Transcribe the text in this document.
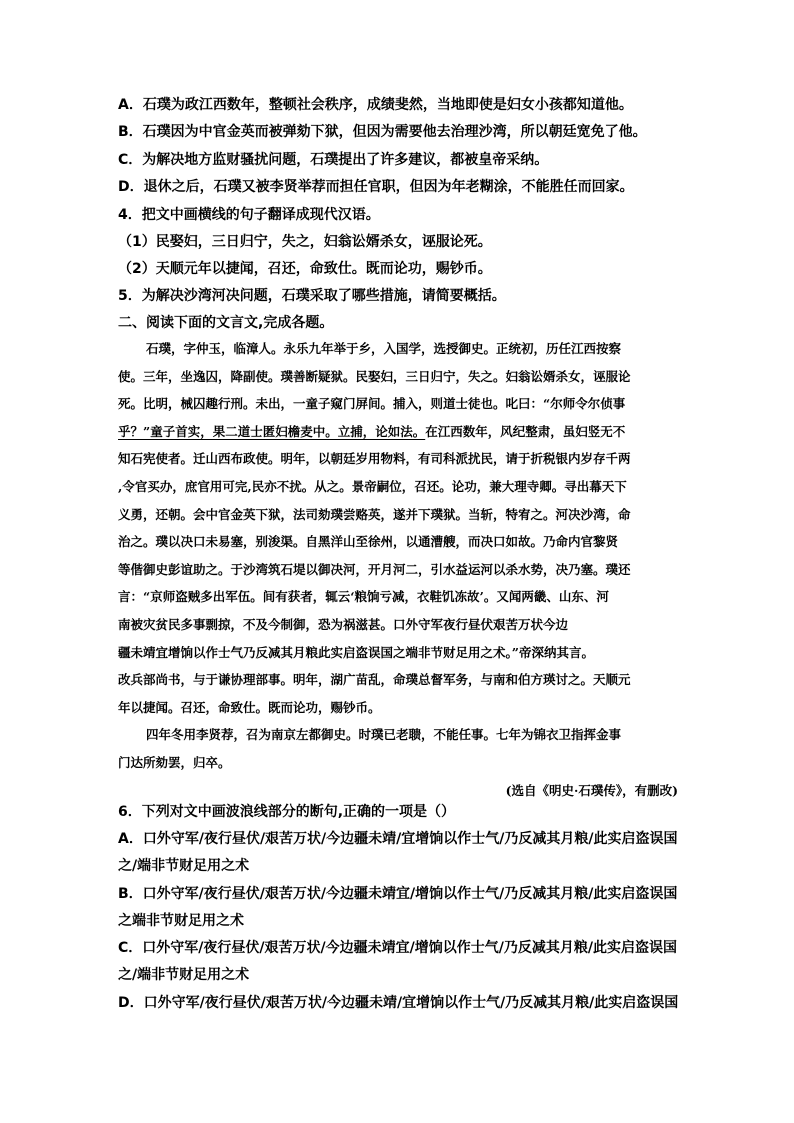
A．石璞为政江西数年，整顿社会秩序，成绩斐然，当地即使是妇女小孩都知道他。
B．石璞因为中官金英而被弹劾下狱，但因为需要他去治理沙湾，所以朝廷宽免了他。
C．为解决地方监财骚扰问题，石璞提出了许多建议，都被皇帝采纳。
D．退休之后，石璞又被李贤举荐而担任官职，但因为年老糊涂，不能胜任而回家。
4．把文中画横线的句子翻译成现代汉语。
（1）民娶妇，三日归宁，失之，妇翁讼婿杀女，诬服论死。
（2）天顺元年以捷闻，召还，命致仕。既而论功，赐钞币。
5．为解决沙湾河决问题，石璞采取了哪些措施，请简要概括。
二、阅读下面的文言文,完成各题。
石璞，字仲玉，临漳人。永乐九年举于乡，入国学，选授御史。正统初，历任江西按察
使。三年，坐逸囚，降副使。璞善断疑狱。民娶妇，三日归宁，失之。妇翁讼婿杀女，诬服论
死。比明，械囚趣行刑。未出，一童子窥门屏间。捕入，则道士徒也。叱曰：“尔师令尔侦事
乎？”童子首实，果二道士匿妇檐麦中。立捕，论如法。在江西数年，风纪整肃，虽妇竖无不
知石宪使者。迁山西布政使。明年，以朝廷岁用物料，有司科派扰民，请于折税银内岁存千两
,令官买办，庶官用可完,民亦不扰。从之。景帝嗣位，召还。论功，兼大理寺卿。寻出幕天下
义勇，还朝。会中官金英下狱，法司劾璞尝赂英，遂并下璞狱。当斩，特宥之。河决沙湾，命
治之。璞以决口未易塞，别浚渠。自黑洋山至徐州，以通漕艘，而决口如故。乃命内官黎贤
等偕御史彭谊助之。于沙湾筑石堤以御决河，开月河二，引水益运河以杀水势，决乃塞。璞还
言：“京师盗贼多出军伍。间有获者，辄云‘粮饷亏减，衣鞋饥冻故’。又闻两畿、山东、河
南被灾贫民多事剽掠，不及今制御，恐为祸滋甚。口外守军夜行昼伏艰苦万状今边
疆未靖宜增饷以作士气乃反减其月粮此实启盗误国之端非节财足用之术。”帝深纳其言。
改兵部尚书，与于谦协理部事。明年，湖广苗乱，命璞总督军务，与南和伯方瑛讨之。天顺元
年以捷闻。召还，命致仕。既而论功，赐钞币。
四年冬用李贤荐，召为南京左都御史。时璞已老聩，不能任事。七年为锦衣卫指挥金事
门达所劾罢，归卒。
(选自《明史·石璞传》，有删改)
6．下列对文中画波浪线部分的断句,正确的一项是（）
A．口外守军/夜行昼伏/艰苦万状/今边疆未靖/宜增饷以作士气/乃反减其月粮/此实启盗误国
之/端非节财足用之术
B．口外守军/夜行昼伏/艰苦万状/今边疆未靖宜/增饷以作士气/乃反减其月粮/此实启盗误国
之端非节财足用之术
C．口外守军/夜行昼伏/艰苦万状/今边疆未靖宜/增饷以作士气/乃反减其月粮/此实启盗误国
之/端非节财足用之术
D．口外守军/夜行昼伏/艰苦万状/今边疆未靖/宜增饷以作士气/乃反减其月粮/此实启盗误国
